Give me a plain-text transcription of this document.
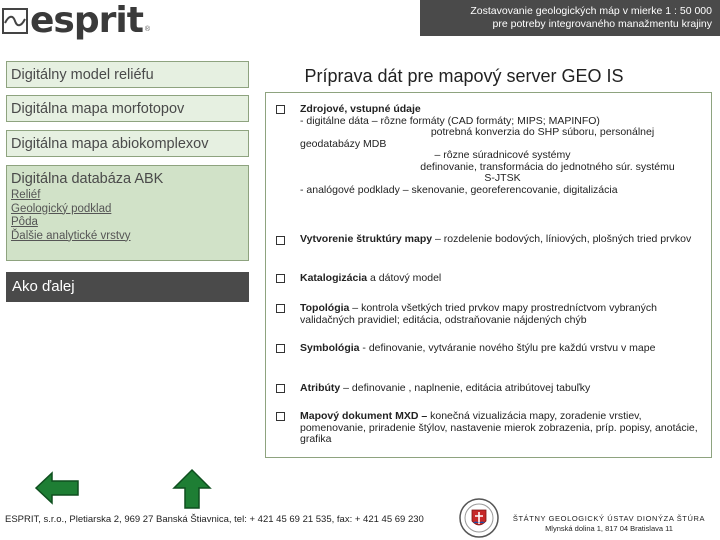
esprit ®
Zostavovanie geologických máp v mierke 1 : 50 000
pre potreby integrovaného manažmentu krajiny
Digitálny model reliéfu
Digitálna mapa morfotopov
Digitálna mapa abiokomplexov
Digitálna databáza ABK
Reliéf
Geologický podklad
Pôda
Ďalšie analytické vrstvy
Ako ďalej
Príprava dát pre mapový server GEO IS
Zdrojové, vstupné údaje
- digitálne dáta – rôzne formáty (CAD formáty; MIPS; MAPINFO)
potrebná konverzia do SHP súboru, personálnej
geodatabázy MDB
– rôzne súradnicové systémy
definovanie, transformácia do jednotného súr. systému
S-JTSK
- analógové podklady – skenovanie, georeferencovanie, digitalizácia
Vytvorenie štruktúry mapy – rozdelenie bodových, líniových, plošných tried prvkov
Katalogizácia a dátový model
Topológia – kontrola všetkých tried prvkov mapy prostredníctvom vybraných validačných pravidiel; editácia, odstraňovanie nájdených chýb
Symbológia - definovanie, vytváranie nového štýlu pre každú vrstvu v mape
Atribúty – definovanie , naplnenie, editácia atribútovej tabuľky
Mapový dokument MXD – konečná vizualizácia mapy, zoradenie vrstiev, pomenovanie, priradenie štýlov, nastavenie mierok zobrazenia, príp. popisy, anotácie, grafika
ESPRIT, s.r.o., Pletiarska 2, 969 27 Banská Štiavnica, tel: + 421 45 69 21 535, fax: + 421 45 69 230	ŠTÁTNY GEOLOGICKÝ ÚSTAV DIONÝZA ŠTÚRA
Mlynská dolina 1, 817 04 Bratislava 11
